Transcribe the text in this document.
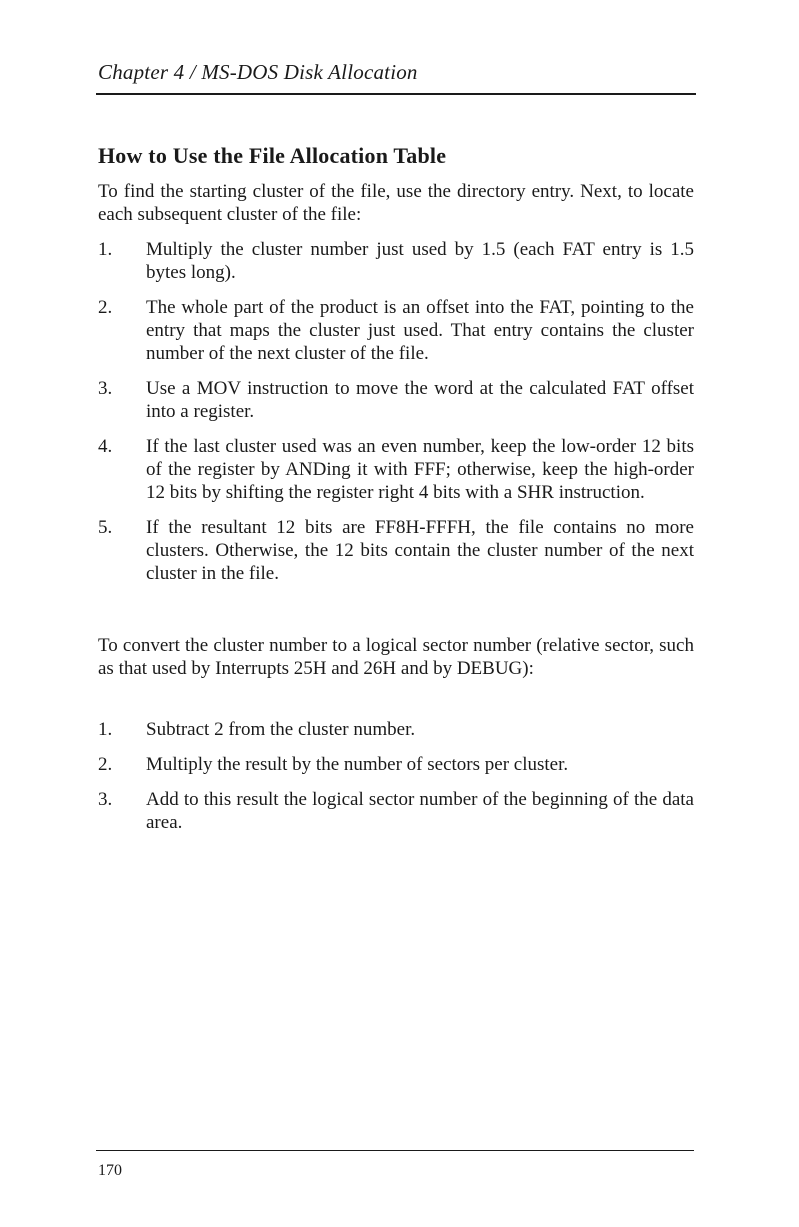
Chapter 4 / MS-DOS Disk Allocation
How to Use the File Allocation Table

To find the starting cluster of the file, use the directory entry. Next, to locate each subsequent cluster of the file:

1. Multiply the cluster number just used by 1.5 (each FAT entry is 1.5 bytes long).
2. The whole part of the product is an offset into the FAT, pointing to the entry that maps the cluster just used. That entry contains the cluster number of the next cluster of the file.
3. Use a MOV instruction to move the word at the calculated FAT offset into a register.
4. If the last cluster used was an even number, keep the low-order 12 bits of the register by ANDing it with FFF; otherwise, keep the high-order 12 bits by shifting the register right 4 bits with a SHR instruction.
5. If the resultant 12 bits are FF8H-FFFH, the file contains no more clusters. Otherwise, the 12 bits contain the cluster number of the next cluster in the file.

To convert the cluster number to a logical sector number (relative sector, such as that used by Interrupts 25H and 26H and by DEBUG):

1. Subtract 2 from the cluster number.
2. Multiply the result by the number of sectors per cluster.
3. Add to this result the logical sector number of the beginning of the data area.
170
